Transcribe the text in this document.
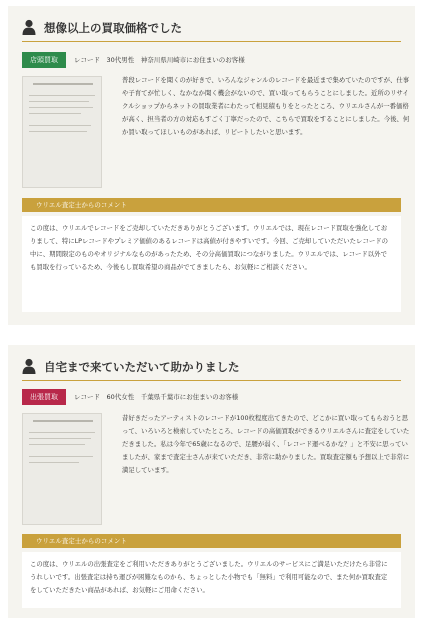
想像以上の買取価格でした
店頭買取	レコード　30代男性　神奈川県川崎市にお住まいのお客様
普段レコードを聞くのが好きで、いろんなジャンルのレコードを最近まで集めていたのですが、仕事や子育てが忙しく、なかなか聞く機会がないので、買い取ってもらうことにしました。近所のリサイクルショップからネットの買取業者にわたって相見積もりをとったところ、ウリエルさんが一番価格が高く、担当者の方の対応もすごく丁寧だったので、こちらで買取をすることにしました。今後、何か買い取ってほしいものがあれば、リピートしたいと思います。
ウリエル査定士からのコメント
この度は、ウリエルでレコードをご売却していただきありがとうございます。ウリエルでは、現在レコード買取を強化しておりまして、特にLPレコードやプレミア価値のあるレコードは高値が付きやすいです。今回、ご売却していただいたレコードの中に、期間限定のものやオリジナルなものがあったため、その分高価買取につながりました。ウリエルでは、レコード以外でも買取を行っているため、今後もし買取希望の商品がでてきましたら、お気軽にご相談ください。
自宅まで来ていただいて助かりました
出張買取	レコード　60代女性　千葉県千葉市にお住まいのお客様
昔好きだったアーティストのレコードが100枚程度出てきたので、どこかに買い取ってもらおうと思って、いろいろと検索していたところ、レコードの高価買取ができるウリエルさんに査定をしていただきました。私は今年で65歳になるので、足腰が弱く、「レコード運べるかな？」と不安に思っていましたが、家まで査定士さんが来ていただき、非常に助かりました。買取査定額も予想以上で非常に満足しています。
ウリエル査定士からのコメント
この度は、ウリエルの出張査定をご利用いただきありがとうございました。ウリエルのサービスにご満足いただけたら非常にうれしいです。出張査定は持ち運びが困難なものから、ちょっとした小物でも「無料」で利用可能なので、また何か買取査定をしていただきたい商品があれば、お気軽にご用命ください。
